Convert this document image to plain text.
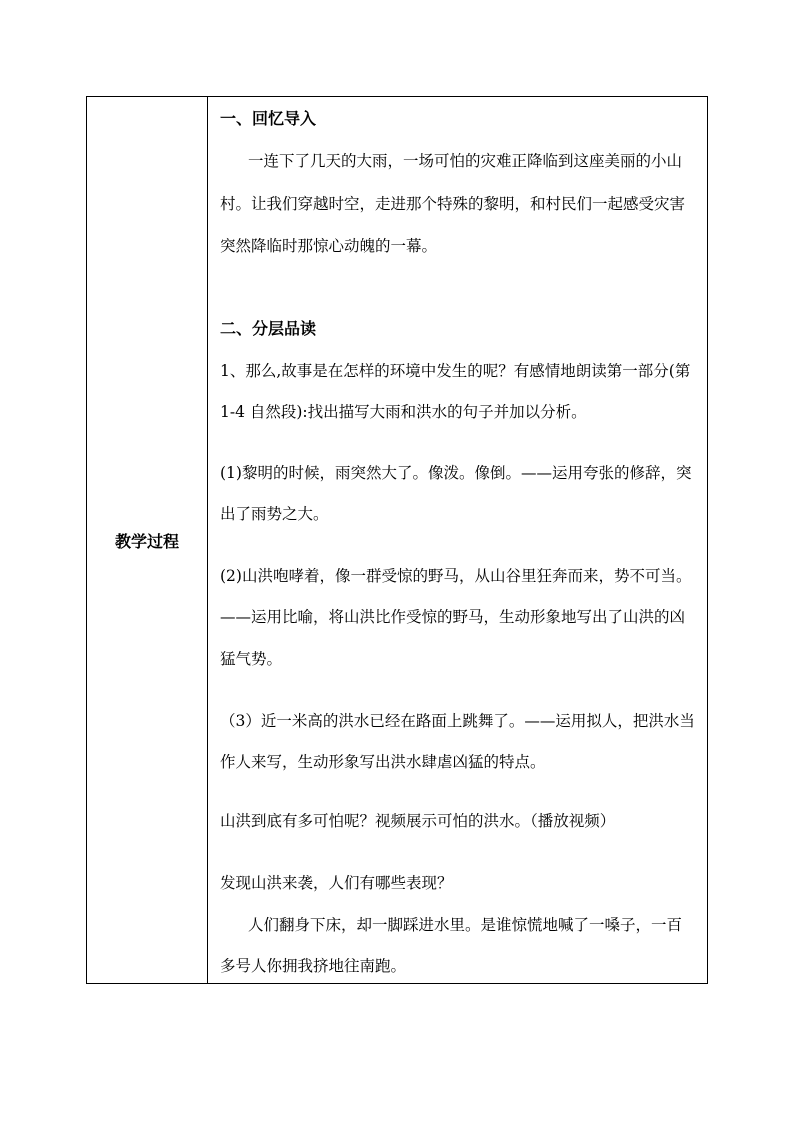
教学过程
一、回忆导入
一连下了几天的大雨，一场可怕的灾难正降临到这座美丽的小山
村。让我们穿越时空，走进那个特殊的黎明，和村民们一起感受灾害
突然降临时那惊心动魄的一幕。
二、分层品读
1、那么,故事是在怎样的环境中发生的呢？有感情地朗读第一部分(第
1-4 自然段):找出描写大雨和洪水的句子并加以分析。
(1)黎明的时候，雨突然大了。像泼。像倒。——运用夸张的修辞，突
出了雨势之大。
(2)山洪咆哮着，像一群受惊的野马，从山谷里狂奔而来，势不可当。
——运用比喻，将山洪比作受惊的野马，生动形象地写出了山洪的凶
猛气势。
（3）近一米高的洪水已经在路面上跳舞了。——运用拟人，把洪水当
作人来写，生动形象写出洪水肆虐凶猛的特点。
山洪到底有多可怕呢？视频展示可怕的洪水。（播放视频）
发现山洪来袭，人们有哪些表现？
人们翻身下床，却一脚踩进水里。是谁惊慌地喊了一嗓子，一百
多号人你拥我挤地往南跑。
